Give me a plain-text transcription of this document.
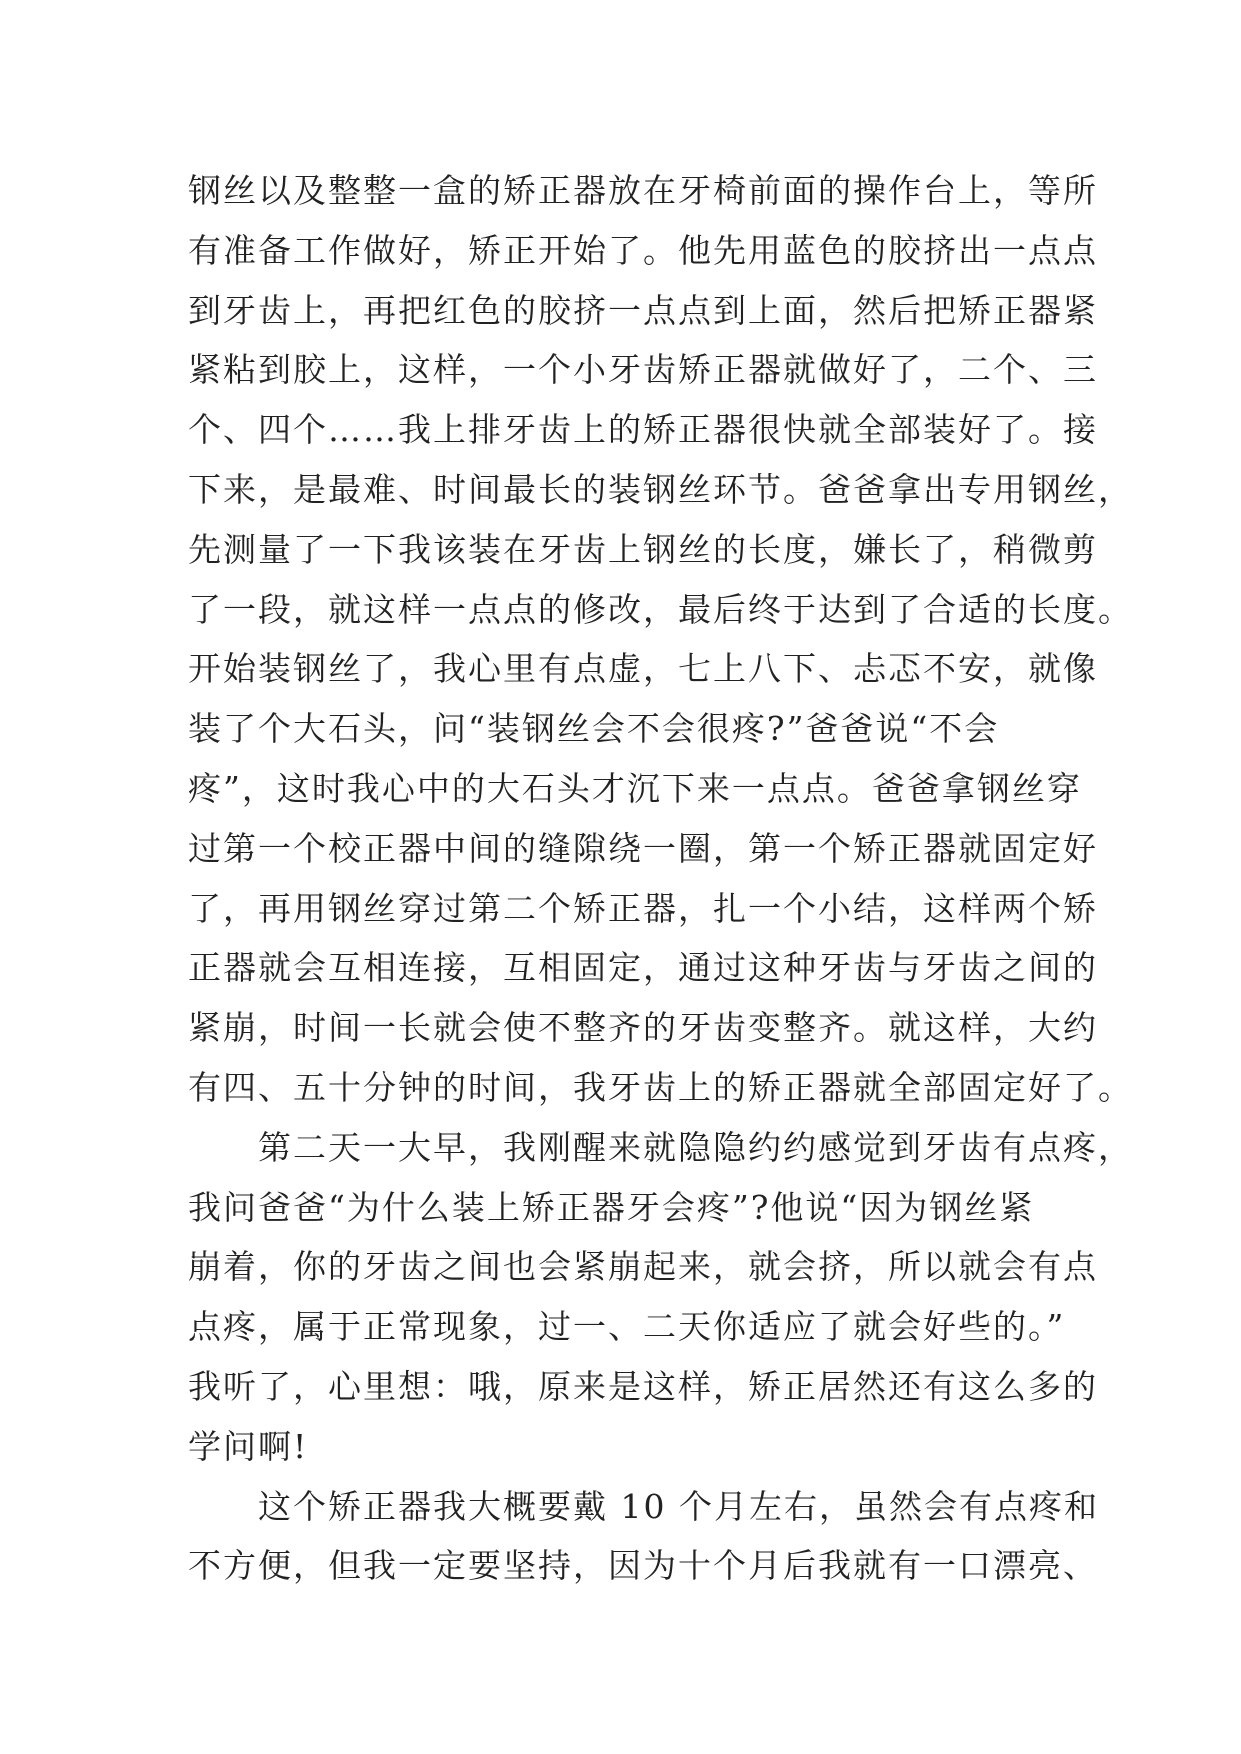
钢丝以及整整一盒的矫正器放在牙椅前面的操作台上，等所
有准备工作做好，矫正开始了。他先用蓝色的胶挤出一点点
到牙齿上，再把红色的胶挤一点点到上面，然后把矫正器紧
紧粘到胶上，这样，一个小牙齿矫正器就做好了，二个、三
个、四个……我上排牙齿上的矫正器很快就全部装好了。接
下来，是最难、时间最长的装钢丝环节。爸爸拿出专用钢丝，
先测量了一下我该装在牙齿上钢丝的长度，嫌长了，稍微剪
了一段，就这样一点点的修改，最后终于达到了合适的长度。
开始装钢丝了，我心里有点虚，七上八下、忐忑不安，就像
装了个大石头，问“装钢丝会不会很疼?”爸爸说“不会
疼”，这时我心中的大石头才沉下来一点点。爸爸拿钢丝穿
过第一个校正器中间的缝隙绕一圈，第一个矫正器就固定好
了，再用钢丝穿过第二个矫正器，扎一个小结，这样两个矫
正器就会互相连接，互相固定，通过这种牙齿与牙齿之间的
紧崩，时间一长就会使不整齐的牙齿变整齐。就这样，大约
有四、五十分钟的时间，我牙齿上的矫正器就全部固定好了。
　　第二天一大早，我刚醒来就隐隐约约感觉到牙齿有点疼，
我问爸爸“为什么装上矫正器牙会疼”?他说“因为钢丝紧
崩着，你的牙齿之间也会紧崩起来，就会挤，所以就会有点
点疼，属于正常现象，过一、二天你适应了就会好些的。”
我听了，心里想：哦，原来是这样，矫正居然还有这么多的
学问啊!
　　这个矫正器我大概要戴 10 个月左右，虽然会有点疼和
不方便，但我一定要坚持，因为十个月后我就有一口漂亮、
